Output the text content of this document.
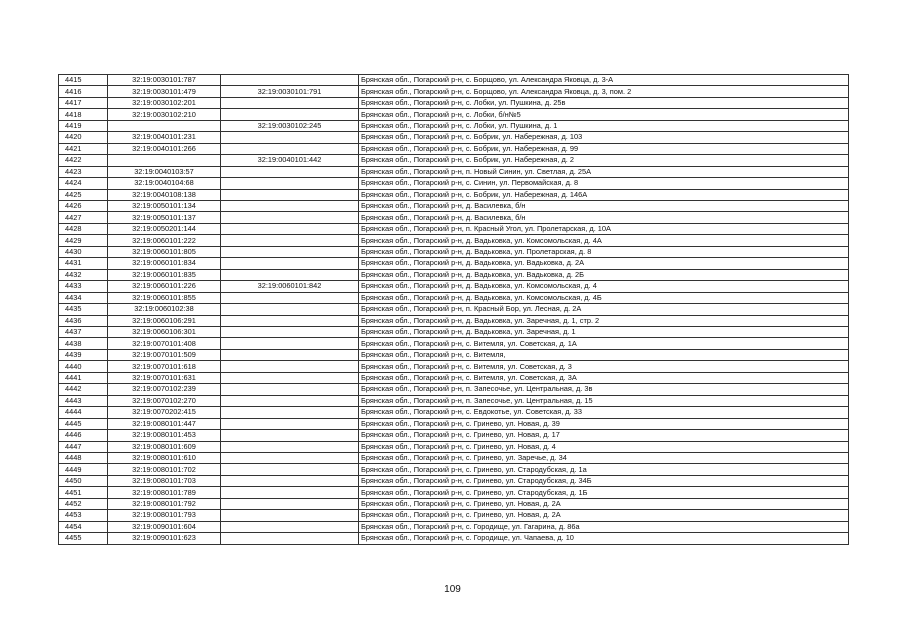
4415	32:19:0030101:787		Брянская обл., Погарский р-н, с. Борщово, ул. Александра Яковца, д. 3-А
4416	32:19:0030101:479	32:19:0030101:791	Брянская обл., Погарский р-н, с. Борщово, ул. Александра Яковца, д. 3, пом. 2
4417	32:19:0030102:201		Брянская обл., Погарский р-н, с. Лобки, ул. Пушкина, д. 25в
4418	32:19:0030102:210		Брянская обл., Погарский р-н, с. Лобки, б/н№5
4419		32:19:0030102:245	Брянская обл., Погарский р-н, с. Лобки, ул. Пушкина, д. 1
4420	32:19:0040101:231		Брянская обл., Погарский р-н, с. Бобрик, ул. Набережная, д. 103
4421	32:19:0040101:266		Брянская обл., Погарский р-н, с. Бобрик, ул. Набережная, д. 99
4422		32:19:0040101:442	Брянская обл., Погарский р-н, с. Бобрик, ул. Набережная, д. 2
4423	32:19:0040103:57		Брянская обл., Погарский р-н, п. Новый Синин, ул. Светлая, д. 25А
4424	32:19:0040104:68		Брянская обл., Погарский р-н, с. Синин, ул. Первомайская, д. 8
4425	32:19:0040108:138		Брянская обл., Погарский р-н, с. Бобрик, ул. Набережная, д. 146А
4426	32:19:0050101:134		Брянская обл., Погарский р-н, д. Василевка, б/н
4427	32:19:0050101:137		Брянская обл., Погарский р-н, д. Василевка, б/н
4428	32:19:0050201:144		Брянская обл., Погарский р-н, п. Красный Угол, ул. Пролетарская, д. 10А
4429	32:19:0060101:222		Брянская обл., Погарский р-н, д. Вадьковка, ул. Комсомольская, д. 4А
4430	32:19:0060101:805		Брянская обл., Погарский р-н, д. Вадьковка, ул. Пролетарская, д. 8
4431	32:19:0060101:834		Брянская обл., Погарский р-н, д. Вадьковка, ул. Вадьковка, д. 2А
4432	32:19:0060101:835		Брянская обл., Погарский р-н, д. Вадьковка, ул. Вадьковка, д. 2Б
4433	32:19:0060101:226	32:19:0060101:842	Брянская обл., Погарский р-н, д. Вадьковка, ул. Комсомольская, д. 4
4434	32:19:0060101:855		Брянская обл., Погарский р-н, д. Вадьковка, ул. Комсомольская, д. 4Б
4435	32:19:0060102:38		Брянская обл., Погарский р-н, п. Красный Бор, ул. Лесная, д. 2А
4436	32:19:0060106:291		Брянская обл., Погарский р-н, д. Вадьковка, ул. Заречная, д. 1, стр. 2
4437	32:19:0060106:301		Брянская обл., Погарский р-н, д. Вадьковка, ул. Заречная, д. 1
4438	32:19:0070101:408		Брянская обл., Погарский р-н, с. Витемля, ул. Советская, д. 1А
4439	32:19:0070101:509		Брянская обл., Погарский р-н, с. Витемля,
4440	32:19:0070101:618		Брянская обл., Погарский р-н, с. Витемля, ул. Советская, д. 3
4441	32:19:0070101:631		Брянская обл., Погарский р-н, с. Витемля, ул. Советская, д. 3А
4442	32:19:0070102:239		Брянская обл., Погарский р-н, п. Запесочье, ул. Центральная, д. 3в
4443	32:19:0070102:270		Брянская обл., Погарский р-н, п. Запесочье, ул. Центральная, д. 15
4444	32:19:0070202:415		Брянская обл., Погарский р-н, с. Евдокотье, ул. Советская, д. 33
4445	32:19:0080101:447		Брянская обл., Погарский р-н, с. Гринево, ул. Новая, д. 39
4446	32:19:0080101:453		Брянская обл., Погарский р-н, с. Гринево, ул. Новая, д. 17
4447	32:19:0080101:609		Брянская обл., Погарский р-н, с. Гринево, ул. Новая, д. 4
4448	32:19:0080101:610		Брянская обл., Погарский р-н, с. Гринево, ул. Заречье, д. 34
4449	32:19:0080101:702		Брянская обл., Погарский р-н, с. Гринево, ул. Стародубская, д. 1а
4450	32:19:0080101:703		Брянская обл., Погарский р-н, с. Гринево, ул. Стародубская, д. 34Б
4451	32:19:0080101:789		Брянская обл., Погарский р-н, с. Гринево, ул. Стародубская, д. 1Б
4452	32:19:0080101:792		Брянская обл., Погарский р-н, с. Гринево, ул. Новая, д. 2А
4453	32:19:0080101:793		Брянская обл., Погарский р-н, с. Гринево, ул. Новая, д. 2А
4454	32:19:0090101:604		Брянская обл., Погарский р-н, с. Городище, ул. Гагарина, д. 86а
4455	32:19:0090101:623		Брянская обл., Погарский р-н, с. Городище, ул. Чапаева, д. 10
109
